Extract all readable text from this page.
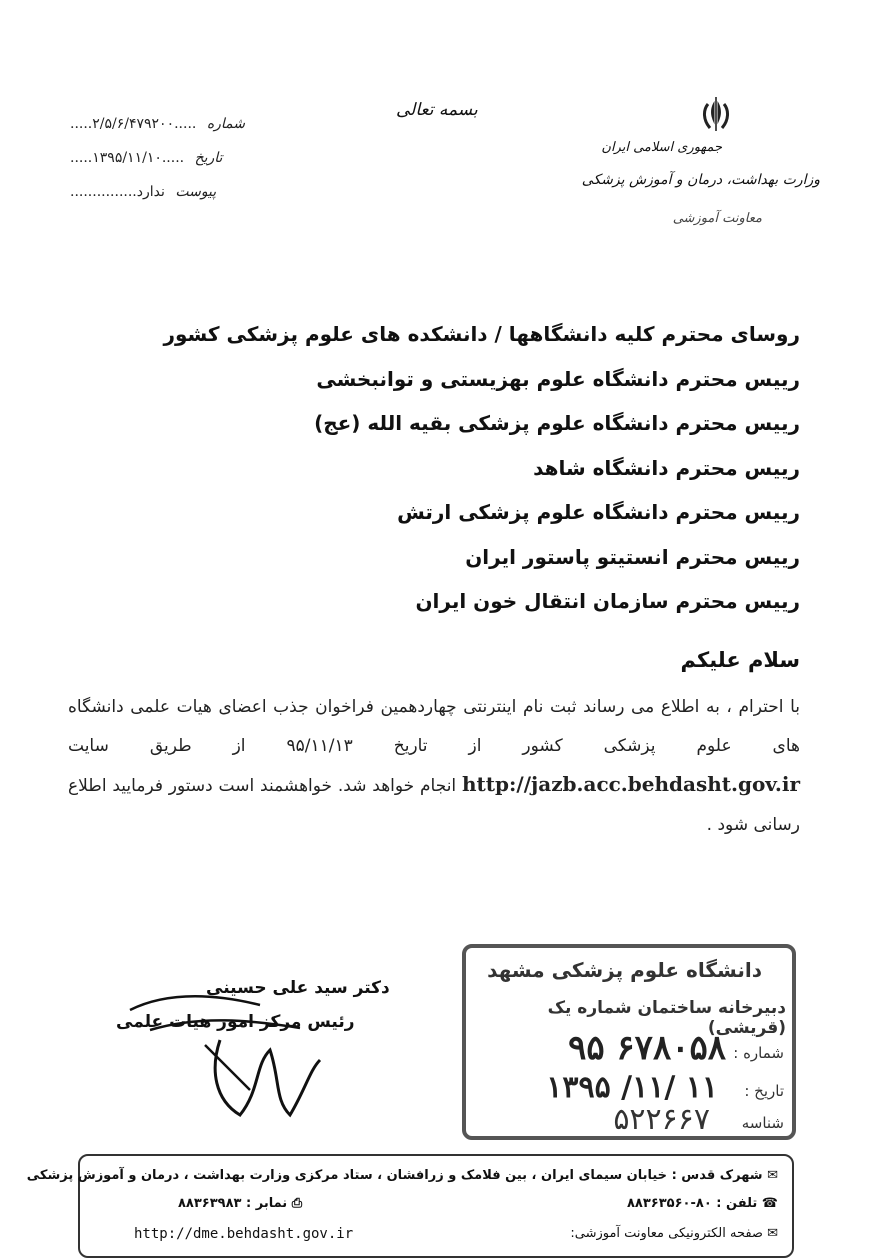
شماره .....۲/۵/۶/۴۷۹۲۰۰.....
تاریخ .....۱۳۹۵/۱۱/۱۰.....
پیوست ندارد...............
بسمه تعالی
جمهوری اسلامی ایران
وزارت بهداشت، درمان و آموزش پزشکی
معاونت آموزشی
روسای محترم کلیه دانشگاهها / دانشکده های علوم پزشکی کشور
رییس محترم دانشگاه علوم بهزیستی و توانبخشی
رییس محترم دانشگاه علوم پزشکی بقیه الله (عج)
رییس محترم دانشگاه شاهد
رییس محترم دانشگاه علوم پزشکی ارتش
رییس محترم انستیتو پاستور ایران
رییس محترم سازمان انتقال خون ایران
سلام علیکم
با احترام ، به اطلاع می رساند ثبت نام اینترنتی چهاردهمین فراخوان جذب اعضای هیات علمی دانشگاه های علوم پزشکی کشور از تاریخ ۹۵/۱۱/۱۳ از طریق سایت http://jazb.acc.behdasht.gov.ir انجام خواهد شد. خواهشمند است دستور فرمایید اطلاع رسانی شود .
دکتر سید علی حسینی
رئیس مرکز امور هیات علمی
دانشگاه علوم پزشکی مشهد
دبیرخانه ساختمان شماره یک (قریشی)
شماره :
۹۵ ۶۷۸۰۵۸
تاریخ :
۱۳۹۵ /۱۱/ ۱۱
شناسه
۵۲۲۶۶۷
✉ شهرک قدس : خیابان سیمای ایران ، بین فلامک و زرافشان ، ستاد مرکزی وزارت بهداشت ، درمان و آموزش پزشکی
☎ تلفن : ۸۰-۸۸۳۶۳۵۶۰
⎙ نمابر : ۸۸۳۶۳۹۸۳
✉ صفحه الکترونیکی معاونت آموزشی:
http://dme.behdasht.gov.ir
